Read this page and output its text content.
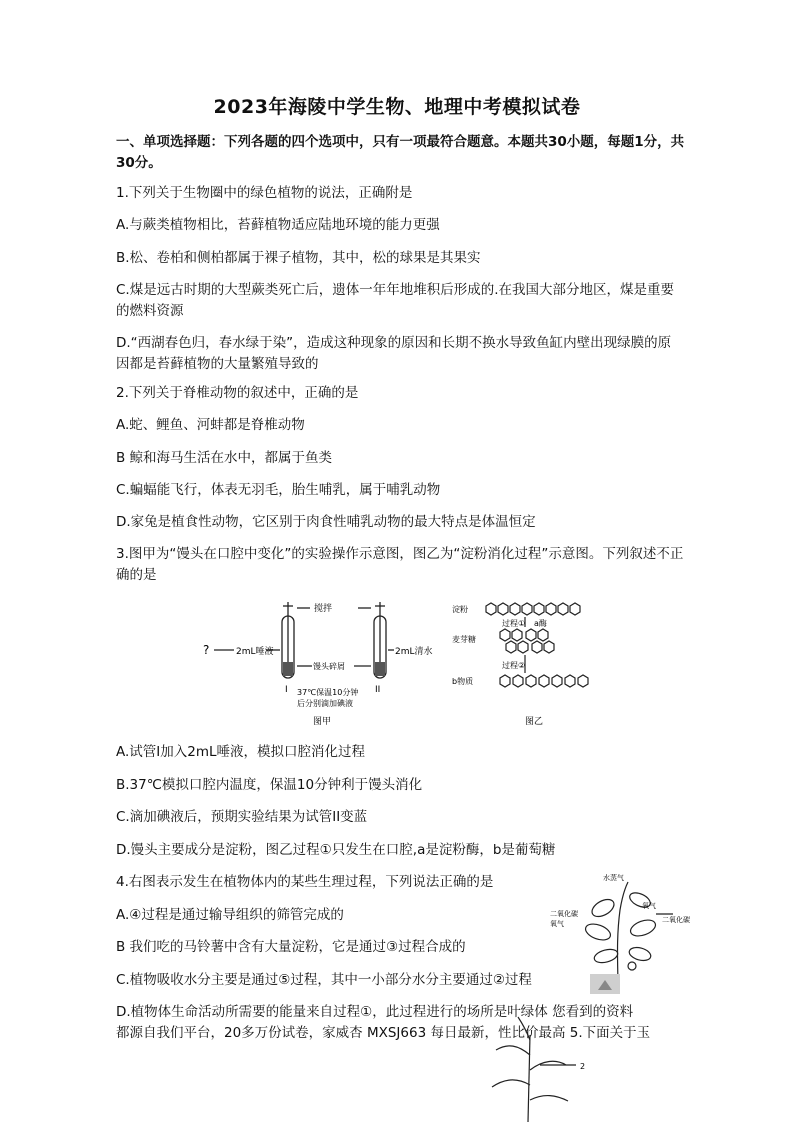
2023年海陵中学生物、地理中考模拟试卷
一、单项选择题：下列各题的四个选项中，只有一项最符合题意。本题共30小题，每题1分，共30分。
1.下列关于生物圈中的绿色植物的说法，正确附是
A.与蕨类植物相比，苔藓植物适应陆地环境的能力更强
B.松、卷柏和侧柏都属于裸子植物，其中，松的球果是其果实
C.煤是远古时期的大型蕨类死亡后，遗体一年年地堆积后形成的.在我国大部分地区，煤是重要的燃料资源
D.“西湖春色归，春水绿于染”，造成这种现象的原因和长期不换水导致鱼缸内壁出现绿膜的原因都是苔藓植物的大量繁殖导致的
2.下列关于脊椎动物的叙述中，正确的是
A.蛇、鲤鱼、河蚌都是脊椎动物
B 鲸和海马生活在水中，都属于鱼类
C.蝙蝠能飞行，体表无羽毛，胎生哺乳，属于哺乳动物
D.家兔是植食性动物，它区别于肉食性哺乳动物的最大特点是体温恒定
3.图甲为“馒头在口腔中变化”的实验操作示意图，图乙为“淀粉消化过程”示意图。下列叙述不正确的是
?	2mL唾液	2mL清水
搅拌
馒头碎屑
I	II
37℃保温10分钟
后分别滴加碘液
图甲
淀粉
过程① a酶
麦芽糖
过程②
b物质
图乙
A.试管I加入2mL唾液，模拟口腔消化过程
B.37℃模拟口腔内温度，保温10分钟利于馒头消化
C.滴加碘液后，预期实验结果为试管II变蓝
D.馒头主要成分是淀粉，图乙过程①只发生在口腔,a是淀粉酶，b是葡萄糖
4.右图表示发生在植物体内的某些生理过程，下列说法正确的是
A.④过程是通过输导组织的筛管完成的
B 我们吃的马铃薯中含有大量淀粉，它是通过③过程合成的
C.植物吸收水分主要是通过⑤过程，其中一小部分水分主要通过②过程
D.植物体生命活动所需要的能量来自过程①，此过程进行的场所是叶绿体 您看到的资料
都源自我们平台，20多万份试卷，家威杏 MXSJ663 每日最新，性比价最高 5.下面关于玉
水蒸气
二氧化碳
氧气
氧气
二氧化碳
2
